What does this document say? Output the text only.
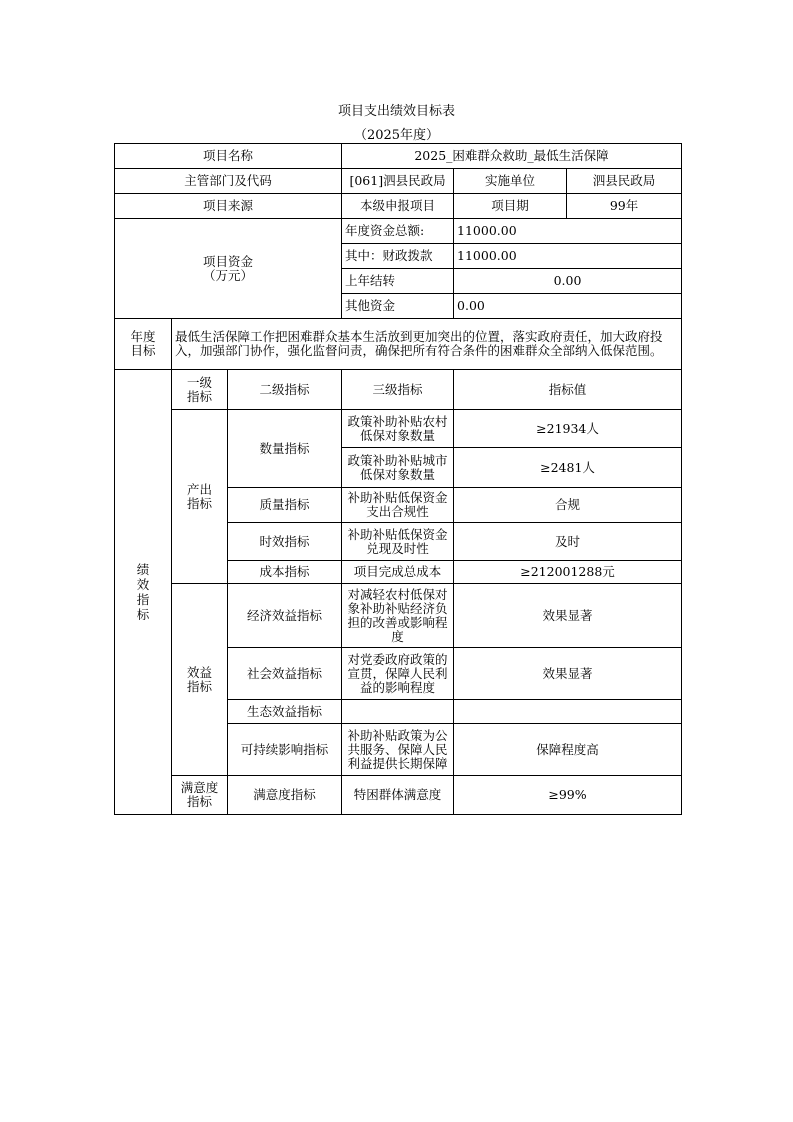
项目支出绩效目标表
（2025年度）
项目名称			2025_困难群众救助_最低生活保障		
主管部门及代码			[061]泗县民政局	实施单位	泗县民政局
项目来源			本级申报项目	项目期	99年

项目资金
（万元）			年度资金总额:	11000.00	
			其中：财政拨款	11000.00	
			上年结转	0.00	
			其他资金	0.00	

年度目标	最低生活保障工作把困难群众基本生活放到更加突出的位置，落实政府责任，加大政府投入，加强部门协作，强化监督问责，确保把所有符合条件的困难群众全部纳入低保范围。				

绩效指标	一级指标	二级指标	三级指标	指标值	

	产出指标	数量指标	政策补助补贴农村低保对象数量	≥21934人	
			政策补助补贴城市低保对象数量	≥2481人	
		质量指标	补助补贴低保资金支出合规性	合规	
		时效指标	补助补贴低保资金兑现及时性	及时	
		成本指标	项目完成总成本	≥212001288元	

	效益指标	经济效益指标	对减轻农村低保对象补助补贴经济负担的改善或影响程度	效果显著	
		社会效益指标	对党委政府政策的宣贯，保障人民利益的影响程度	效果显著	
		生态效益指标			
		可持续影响指标	补助补贴政策为公共服务、保障人民利益提供长期保障	保障程度高	

	满意度指标	满意度指标	特困群体满意度	≥99%	
